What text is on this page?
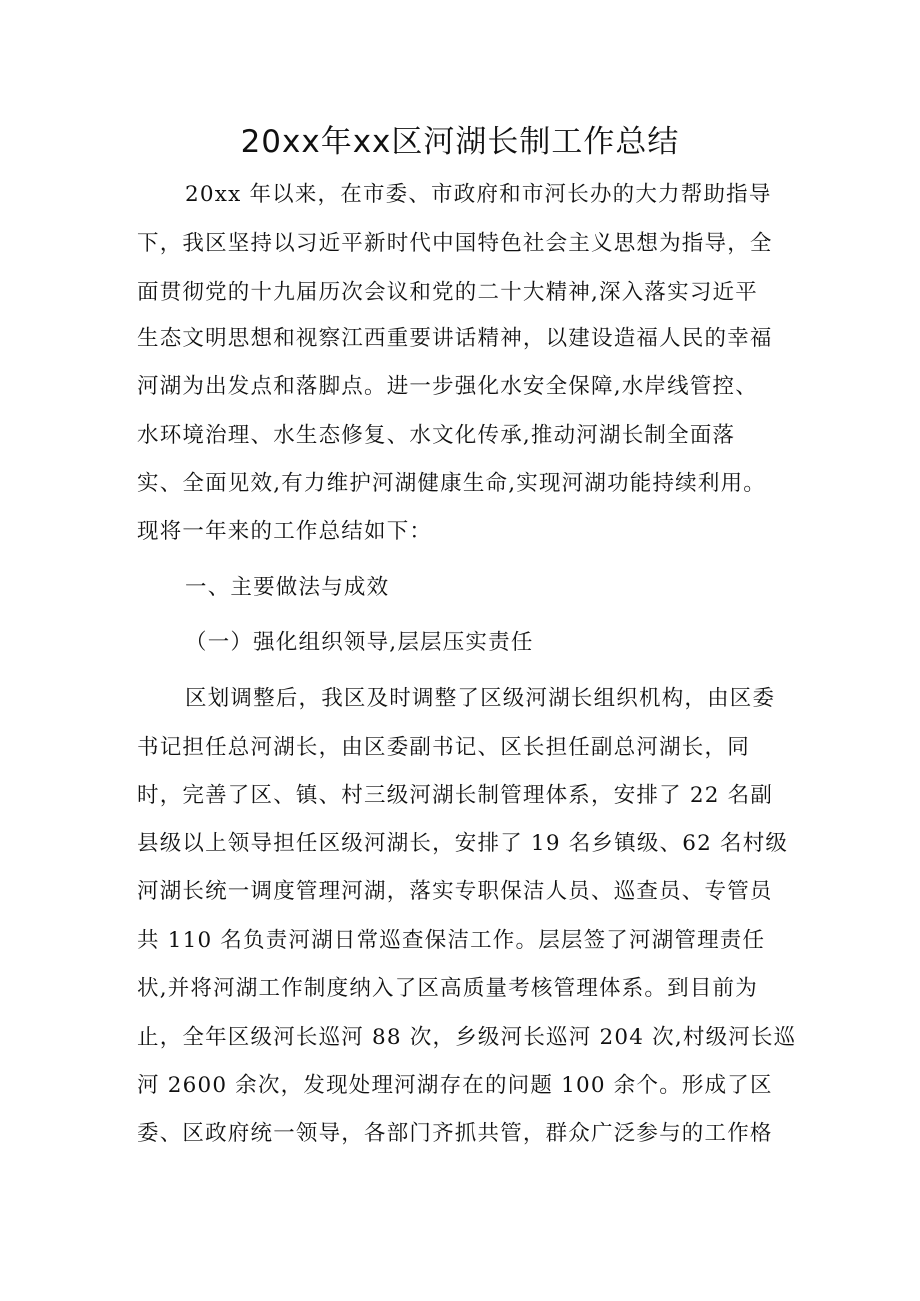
20xx年xx区河湖长制工作总结

20xx 年以来，在市委、市政府和市河长办的大力帮助指导

下，我区坚持以习近平新时代中国特色社会主义思想为指导，全

面贯彻党的十九届历次会议和党的二十大精神,深入落实习近平

生态文明思想和视察江西重要讲话精神，以建设造福人民的幸福

河湖为出发点和落脚点。进一步强化水安全保障,水岸线管控、

水环境治理、水生态修复、水文化传承,推动河湖长制全面落

实、全面见效,有力维护河湖健康生命,实现河湖功能持续利用。

现将一年来的工作总结如下：

一、主要做法与成效

（一）强化组织领导,层层压实责任

区划调整后，我区及时调整了区级河湖长组织机构，由区委

书记担任总河湖长，由区委副书记、区长担任副总河湖长，同

时，完善了区、镇、村三级河湖长制管理体系，安排了 22 名副

县级以上领导担任区级河湖长，安排了 19 名乡镇级、62 名村级

河湖长统一调度管理河湖，落实专职保洁人员、巡查员、专管员

共 110 名负责河湖日常巡查保洁工作。层层签了河湖管理责任

状,并将河湖工作制度纳入了区高质量考核管理体系。到目前为

止，全年区级河长巡河 88 次，乡级河长巡河 204 次,村级河长巡

河 2600 余次，发现处理河湖存在的问题 100 余个。形成了区

委、区政府统一领导，各部门齐抓共管，群众广泛参与的工作格
